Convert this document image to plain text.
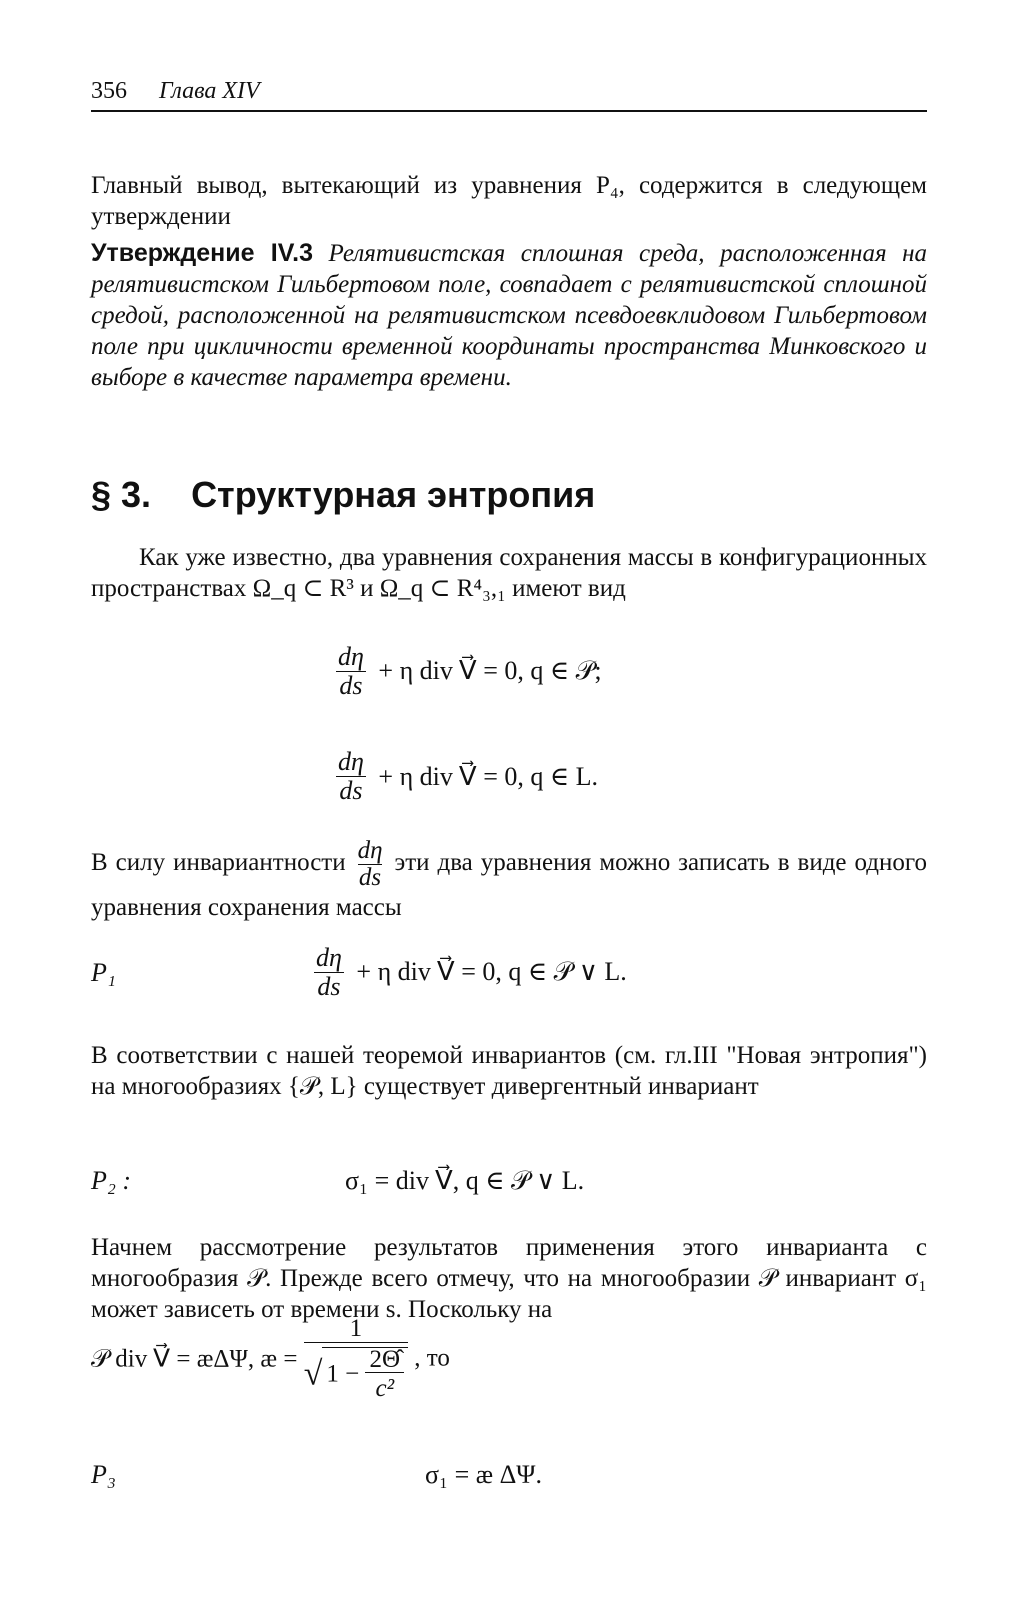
356 Глава XIV

Главный вывод, вытекающий из уравнения P₄, содержится в следующем утверждении

Утверждение IV.3 Релятивистская сплошная среда, расположенная на релятивистском Гильбертовом поле, совпадает с релятивистской сплошной средой, расположенной на релятивистском псевдоевклидовом Гильбертовом поле при цикличности временной координаты пространства Минковского и выборе в качестве параметра времени.

§ 3. Структурная энтропия

Как уже известно, два уравнения сохранения массы в конфигурационных пространствах Ω_q ⊂ R³ и Ω_q ⊂ R⁴₃,₁ имеют вид

$\frac{d\eta}{ds} + \eta$ div V⃗ = 0, q ∈ 𝒫;
$\frac{d\eta}{ds} + \eta$ div V⃗ = 0, q ∈ L.

В силу инвариантности $\frac{d\eta}{ds}$ эти два уравнения можно записать в виде одного уравнения сохранения массы

P₁	$\frac{d\eta}{ds} + \eta$ div V⃗ = 0, q ∈ 𝒫 ∨ L.

В соответствии с нашей теоремой инвариантов (см. гл.III "Новая энтропия") на многообразиях {𝒫, L} существует дивергентный инвариант

P₂ :	σ₁ = div V⃗, q ∈ 𝒫 ∨ L.

Начнем рассмотрение результатов применения этого инварианта с многообразия 𝒫. Прежде всего отмечу, что на многообразии 𝒫 инвариант σ₁ может зависеть от времени s. Поскольку на

𝒫 div V⃗ = æΔΨ, æ = $\frac{1}{√ 1 - \frac{2\Thetâ}{\text{c²}}}$ , то
P₃	σ₁ = æ ΔΨ.
